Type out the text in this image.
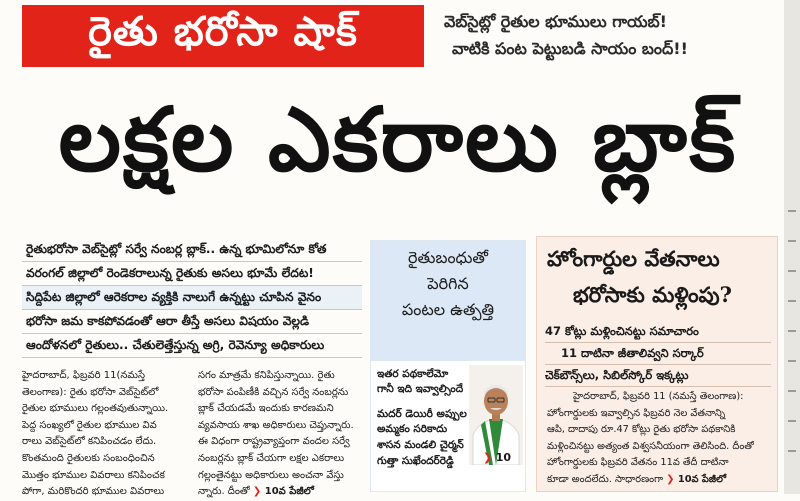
రైతు భరోసా షాక్	వెబ్‌సైట్లో రైతుల భూములు గాయబ్!
వాటికి పంట పెట్టుబడి సాయం బంద్!!
లక్షల ఎకరాలు బ్లాక్
రైతుభరోసా వెబ్‌సైట్లో సర్వే నంబర్ల బ్లాక్.. ఉన్న భూమిలోనూ కోత
వరంగల్ జిల్లాలో రెండెకరాలున్న రైతుకు అసలు భూమే లేదట!
సిద్దిపేట జిల్లాలో ఆరెకరాల వ్యక్తికి నాలుగే ఉన్నట్టు చూపిన వైనం
భరోసా జమ కాకపోవడంతో ఆరా తీస్తే అసలు విషయం వెల్లడి
ఆందోళనలో రైతులు.. చేతులెత్తేస్తున్న అగ్రి, రెవెన్యూ అధికారులు
హైదరాబాద్, ఫిబ్రవరి 11(నమస్తే
తెలంగాణ): రైతు భరోసా వెబ్‌సైట్‌లో
రైతుల భూములు గల్లంతవుతున్నాయి.
పెద్ద సంఖ్యలో రైతుల భూముల వివ
రాలు వెబ్‌సైట్‌లో కనిపించడం లేదు.
కొంతమంది రైతులకు సంబంధించిన
మొత్తం భూముల వివరాలు కనిపించక
పోగా, మరికొందరి భూముల వివరాలు
సగం మాత్రమే కనిపిస్తున్నాయి. రైతు
భరోసా పంపిణీకి వచ్చిన సర్వే నంబర్లను
బ్లాక్ చేయడమే ఇందుకు కారణమని
వ్యవసాయ శాఖ అధికారులు చెప్తున్నారు.
ఈ విధంగా రాష్ట్రవ్యాప్తంగా వందల సర్వే
నంబర్లను బ్లాక్ చేయగా లక్షల ఎకరాలు
గల్లంతైనట్టు అధికారులు అంచనా వేస్తు
న్నారు. దీంతో ❯ 10వ పేజీలో
రైతుబంధుతో
పెరిగిన
పంటల ఉత్పత్తి
ఇతర పథకాలేమో
గానీ ఇది ఇవ్వాల్సిందే
మదర్ డెయిరీ అప్పుల
అమ్మకం సరికాదు
శాసన మండలి చైర్మన్
గుత్తా సుఖేందర్‌రెడ్డి	❯ 10
హోంగార్డుల వేతనాలు
భరోసాకు మళ్లింపు?
47 కోట్లు మళ్లించినట్టు సమాచారం
11 దాటినా జీతాలివ్వని సర్కార్
చెక్‌బౌన్స్‌లు, సిబిల్‌స్కోర్ ఇక్కట్లు
హైదరాబాద్, ఫిబ్రవరి 11 (నమస్తే తెలంగాణ):
హోంగార్డులకు ఇవ్వాల్సిన ఫిబ్రవరి నెల వేతనాన్ని
ఆపి, దాదాపు రూ.47 కోట్లు రైతు భరోసా పథకానికి
మళ్లించినట్టు అత్యంత విశ్వసనీయంగా తెలిసింది. దీంతో
హోంగార్డులకు ఫిబ్రవరి వేతనం 11వ తేదీ దాటినా
కూడా అందలేదు. సాధారణంగా ❯ 10వ పేజీలో
